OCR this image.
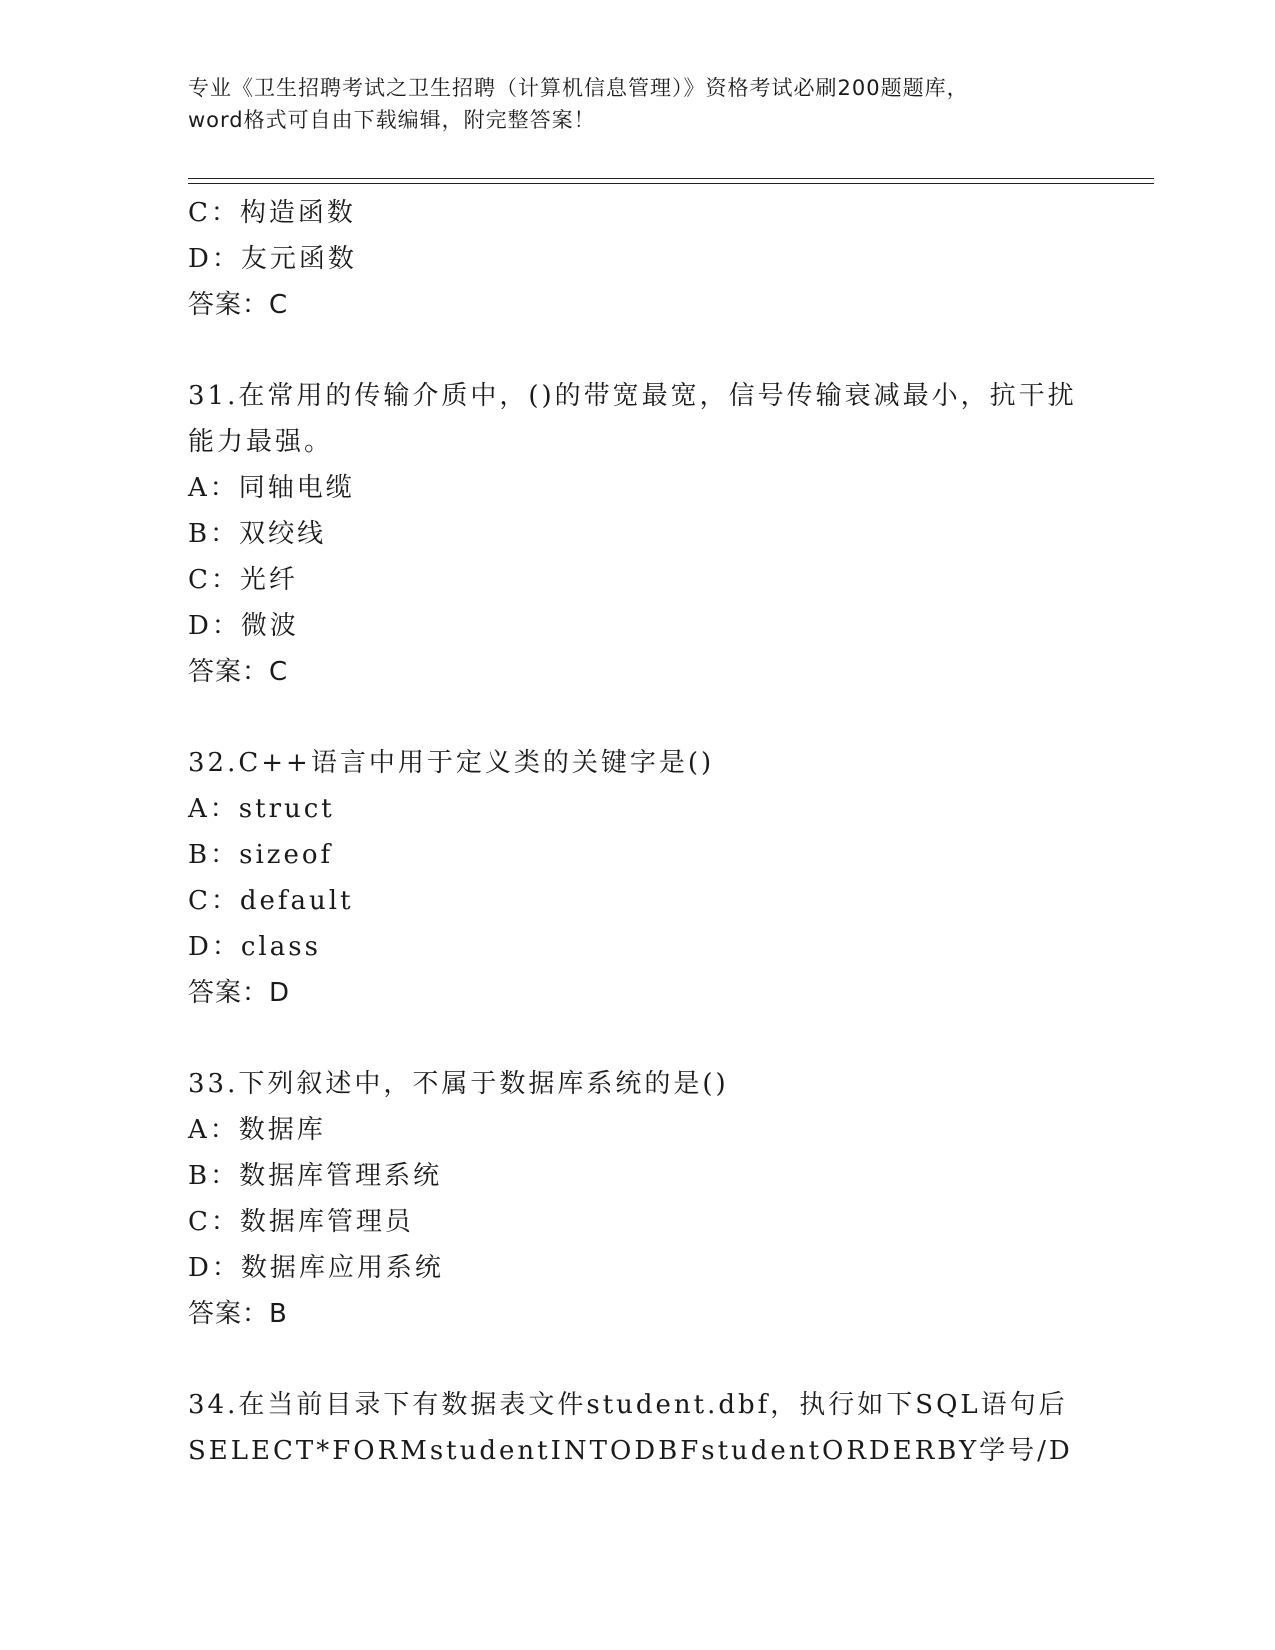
专业《卫生招聘考试之卫生招聘（计算机信息管理）》资格考试必刷200题题库，
word格式可自由下载编辑，附完整答案！
C：构造函数
D：友元函数
答案：C
31.在常用的传输介质中，()的带宽最宽，信号传输衰减最小，抗干扰
能力最强。
A：同轴电缆
B：双绞线
C：光纤
D：微波
答案：C
32.C++语言中用于定义类的关键字是()
A：struct
B：sizeof
C：default
D：class
答案：D
33.下列叙述中，不属于数据库系统的是()
A：数据库
B：数据库管理系统
C：数据库管理员
D：数据库应用系统
答案：B
34.在当前目录下有数据表文件student.dbf，执行如下SQL语句后
SELECT*FORMstudentINTODBFstudentORDERBY学号/D
